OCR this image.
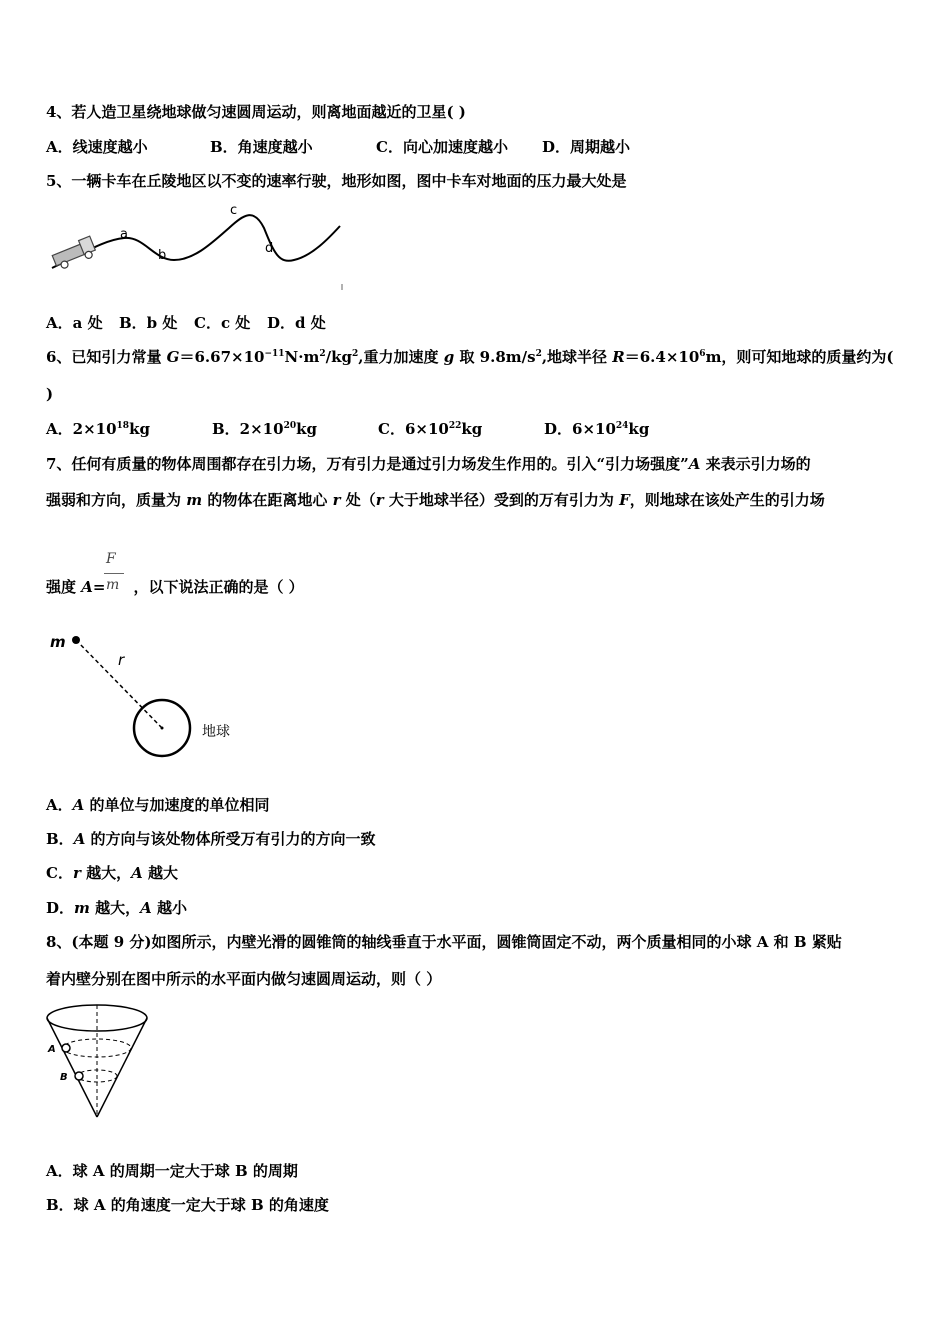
4、若人造卫星绕地球做匀速圆周运动，则离地面越近的卫星( )
A．线速度越小	B．角速度越小	C．向心加速度越小 D．周期越小
5、一辆卡车在丘陵地区以不变的速率行驶，地形如图，图中卡车对地面的压力最大处是
a
b
c
d
A．a 处 B．b 处 C．c 处 D．d 处
6、已知引力常量 $G=6.67\times 10^{-11}N\cdot m^2/kg^2$,重力加速度 g 取 $9.8m/s^2$,地球半径 $R=6.4\times 10^6m$，则可知地球的质量约为(
)
A．$2\times 10^{18}kg$	B．$2\times 10^{20}kg$	C．$6\times 10^{22}kg$	D．$6\times 10^{24}kg$
7、任何有质量的物体周围都存在引力场，万有引力是通过引力场发生作用的。引入“引力场强度”A 来表示引力场的
强弱和方向，质量为 m 的物体在距离地心 r 处（r 大于地球半径）受到的万有引力为 F，则地球在该处产生的引力场
强度 A= ，以下说法正确的是（ ）
F
m
m
r
地球
A．A 的单位与加速度的单位相同
B．A 的方向与该处物体所受万有引力的方向一致
C．r 越大，A 越大
D．m 越大，A 越小
8、(本题 9 分)如图所示，内壁光滑的圆锥筒的轴线垂直于水平面，圆锥筒固定不动，两个质量相同的小球 A 和 B 紧贴
着内壁分别在图中所示的水平面内做匀速圆周运动，则（ ）
A
B
A．球 A 的周期一定大于球 B 的周期
B．球 A 的角速度一定大于球 B 的角速度
